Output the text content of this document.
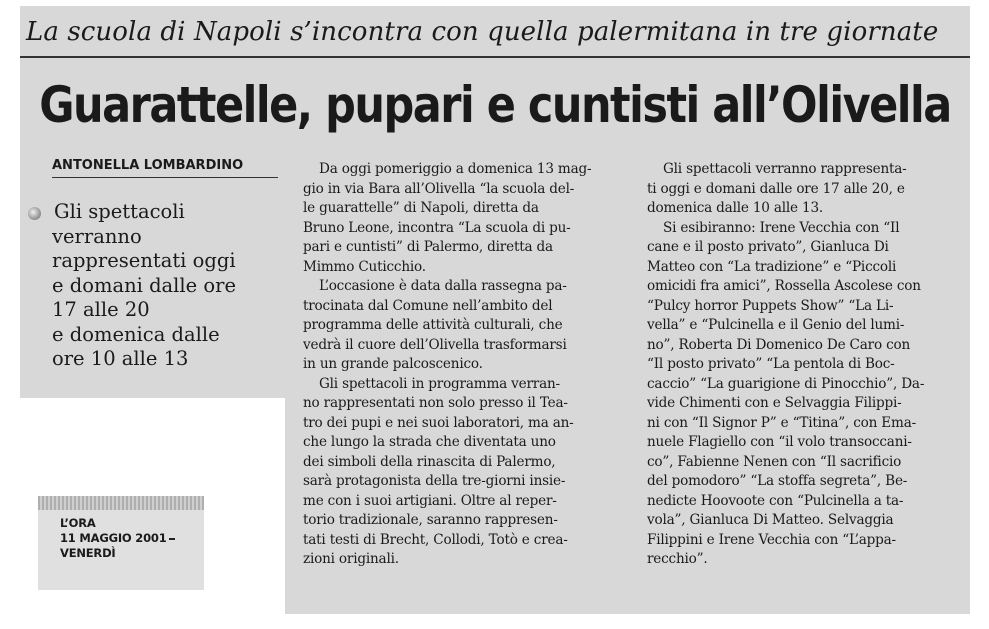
La scuola di Napoli s’incontra con quella palermitana in tre giornate
Guarattelle, pupari e cuntisti all’Olivella
ANTONELLA LOMBARDINO
Gli spettacoli
verranno
rappresentati oggi
e domani dalle ore
17 alle 20
e domenica dalle
ore 10 alle 13
Da oggi pomeriggio a domenica 13 mag-
gio in via Bara all’Olivella “la scuola del-
le guarattelle” di Napoli, diretta da
Bruno Leone, incontra “La scuola di pu-
pari e cuntisti” di Palermo, diretta da
Mimmo Cuticchio.
L’occasione è data dalla rassegna pa-
trocinata dal Comune nell’ambito del
programma delle attività culturali, che
vedrà il cuore dell’Olivella trasformarsi
in un grande palcoscenico.
Gli spettacoli in programma verran-
no rappresentati non solo presso il Tea-
tro dei pupi e nei suoi laboratori, ma an-
che lungo la strada che diventata uno
dei simboli della rinascita di Palermo,
sarà protagonista della tre-giorni insie-
me con i suoi artigiani. Oltre al reper-
torio tradizionale, saranno rappresen-
tati testi di Brecht, Collodi, Totò e crea-
zioni originali.
Gli spettacoli verranno rappresenta-
ti oggi e domani dalle ore 17 alle 20, e
domenica dalle 10 alle 13.
Si esibiranno: Irene Vecchia con “Il
cane e il posto privato”, Gianluca Di
Matteo con “La tradizione” e “Piccoli
omicidi fra amici”, Rossella Ascolese con
“Pulcy horror Puppets Show” “La Li-
vella” e “Pulcinella e il Genio del lumi-
no”, Roberta Di Domenico De Caro con
“Il posto privato” “La pentola di Boc-
caccio” “La guarigione di Pinocchio”, Da-
vide Chimenti con e Selvaggia Filippi-
ni con “Il Signor P” e “Titina”, con Ema-
nuele Flagiello con “il volo transoccani-
co”, Fabienne Nenen con “Il sacrificio
del pomodoro” “La stoffa segreta”, Be-
nedicte Hoovoote con “Pulcinella a ta-
vola”, Gianluca Di Matteo. Selvaggia
Filippini e Irene Vecchia con “L’appa-
recchio”.
L’ORA
11 MAGGIO 2001
VENERDÌ
